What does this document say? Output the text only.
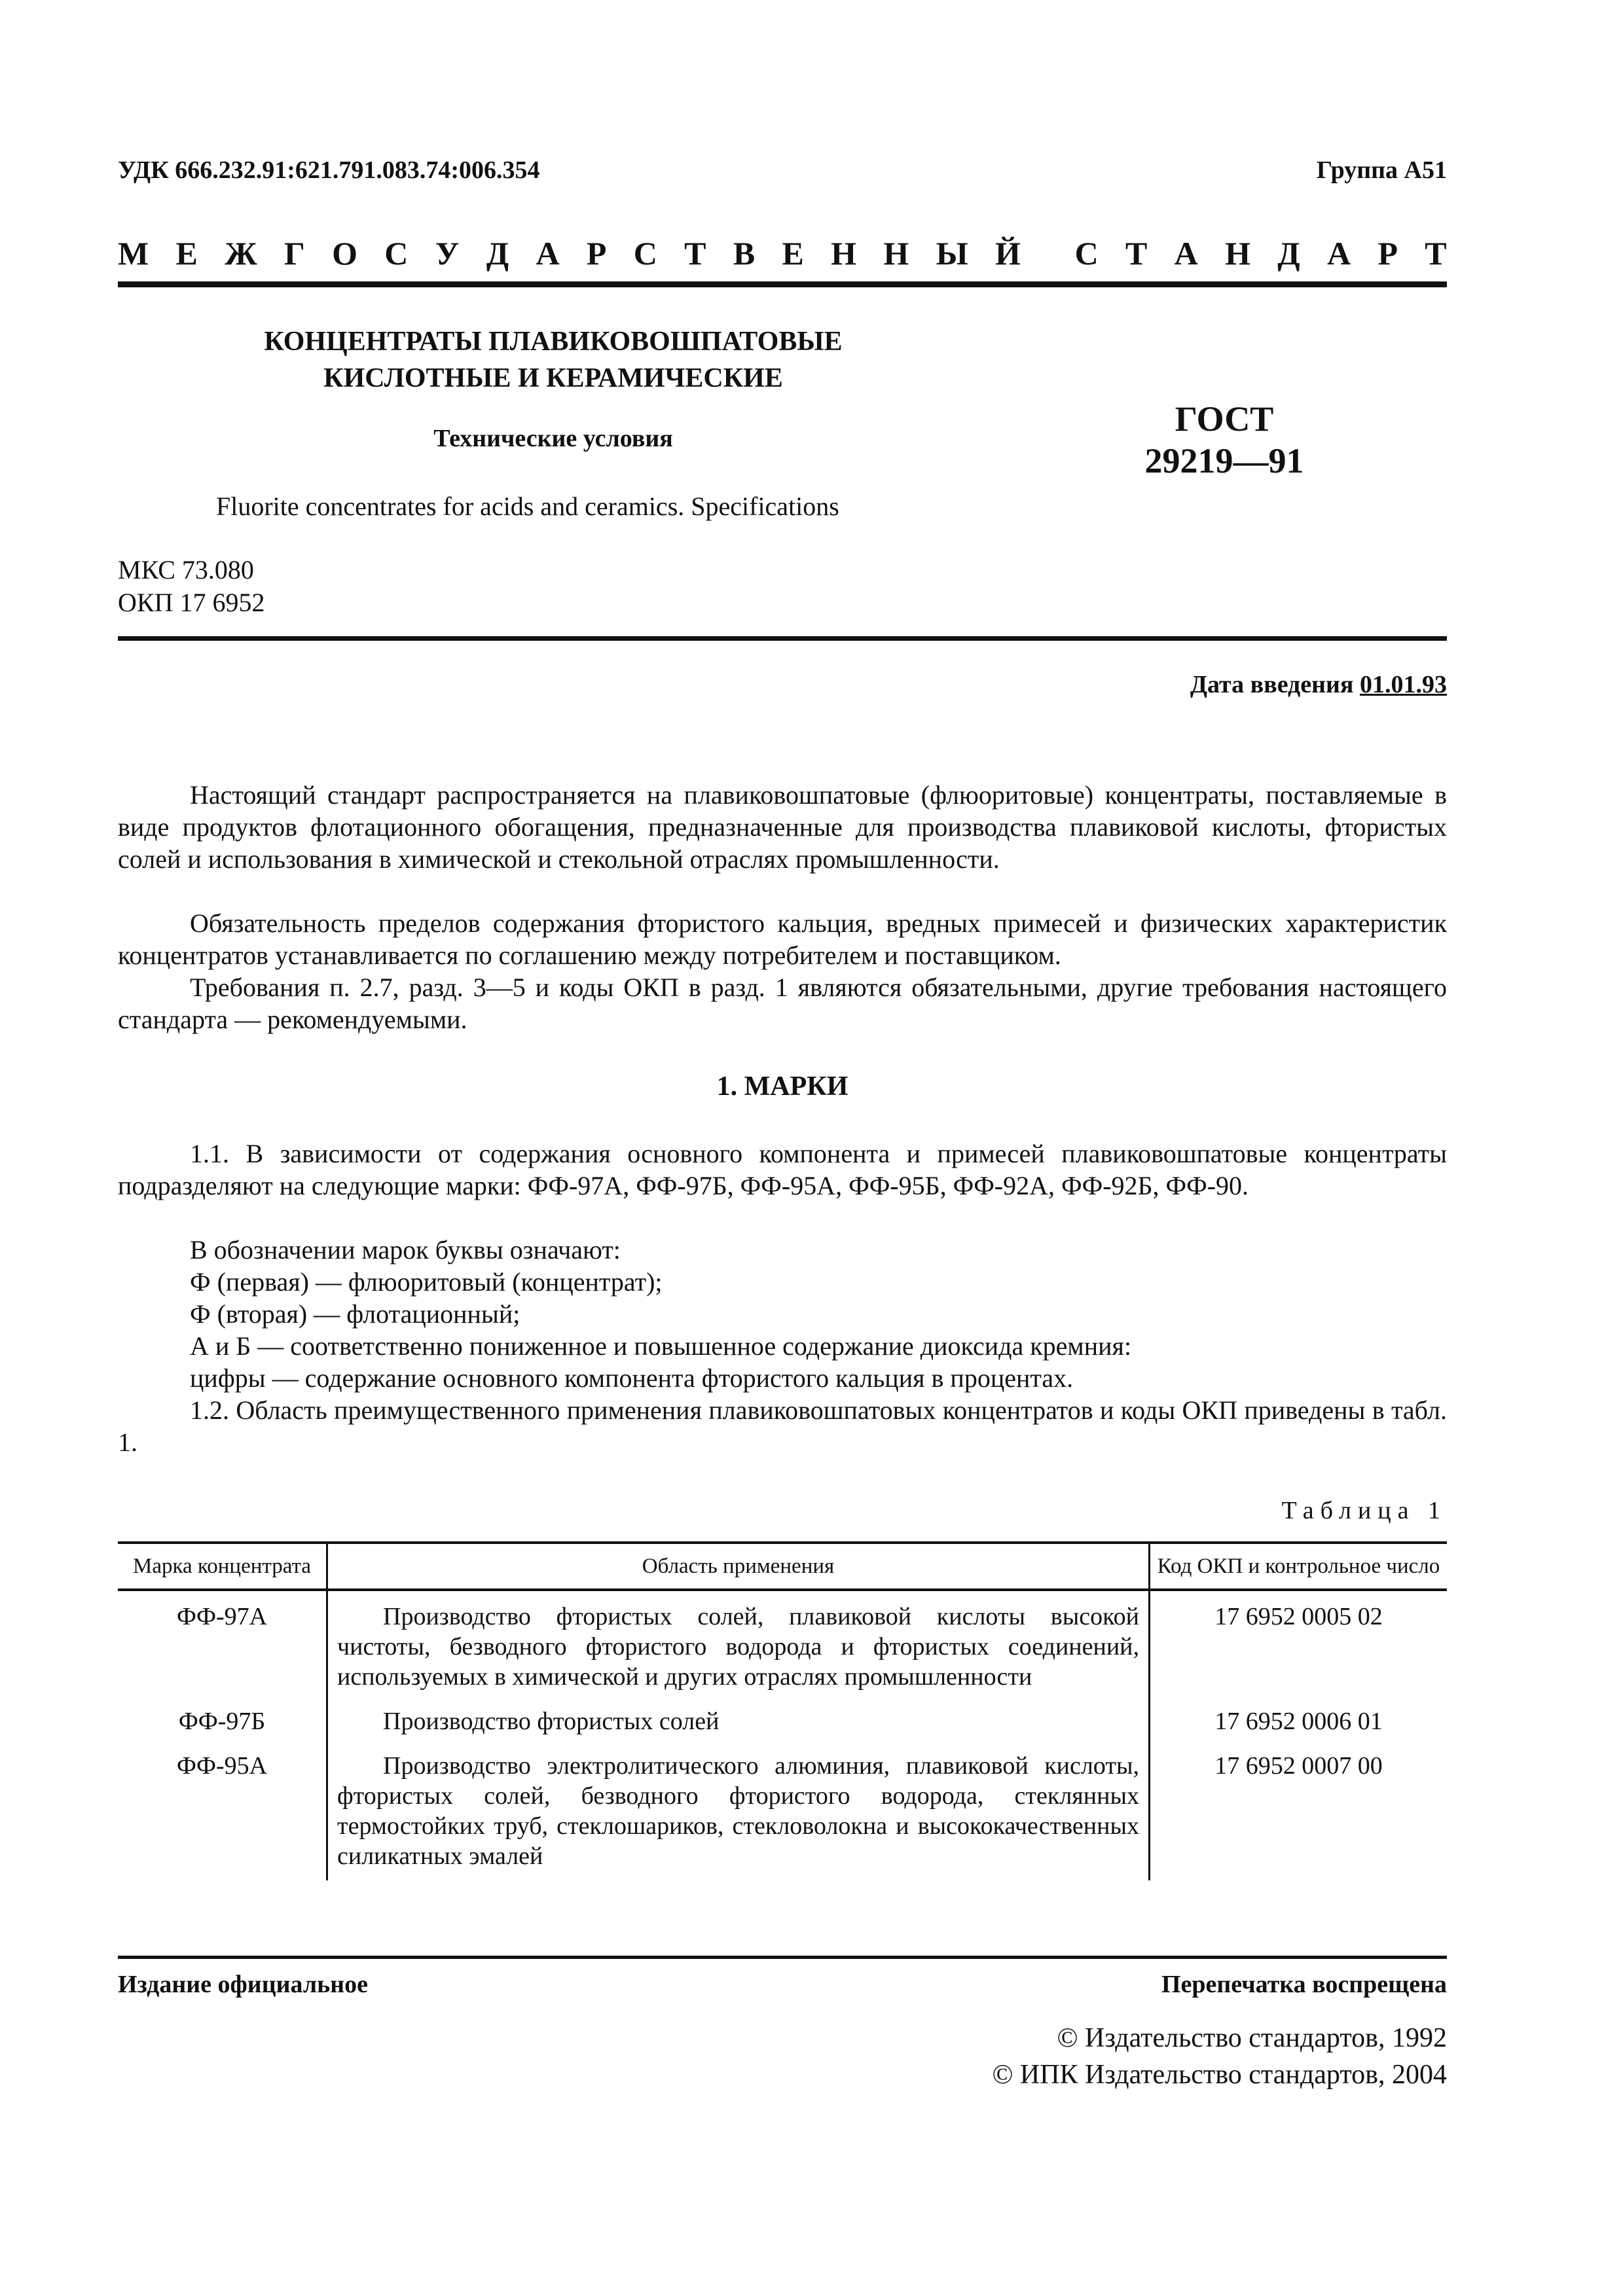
УДК 666.232.91:621.791.083.74:006.354	Группа А51
М Е Ж Г О С У Д А Р С Т В Е Н Н Ы Й С Т А Н Д А Р Т
КОНЦЕНТРАТЫ ПЛАВИКОВОШПАТОВЫЕ
КИСЛОТНЫЕ И КЕРАМИЧЕСКИЕ
Технические условия	ГОСТ
29219—91
Fluorite concentrates for acids and ceramics. Specifications
МКС 73.080
ОКП 17 6952
Дата введения 01.01.93
Настоящий стандарт распространяется на плавиковошпатовые (флюоритовые) концентраты, поставляемые в виде продуктов флотационного обогащения, предназначенные для производства плавиковой кислоты, фтористых солей и использования в химической и стекольной отраслях промышленности.
Обязательность пределов содержания фтористого кальция, вредных примесей и физических характеристик концентратов устанавливается по соглашению между потребителем и поставщиком.
Требования п. 2.7, разд. 3—5 и коды ОКП в разд. 1 являются обязательными, другие требования настоящего стандарта — рекомендуемыми.
1. МАРКИ
1.1. В зависимости от содержания основного компонента и примесей плавиковошпатовые концентраты подразделяют на следующие марки: ФФ-97А, ФФ-97Б, ФФ-95А, ФФ-95Б, ФФ-92А, ФФ-92Б, ФФ-90.
В обозначении марок буквы означают:
Ф (первая) — флюоритовый (концентрат);
Ф (вторая) — флотационный;
А и Б — соответственно пониженное и повышенное содержание диоксида кремния:
цифры — содержание основного компонента фтористого кальция в процентах.
1.2. Область преимущественного применения плавиковошпатовых концентратов и коды ОКП приведены в табл. 1.
Таблица 1
Марка концентрата	Область применения	Код ОКП и контрольное число
ФФ-97А	Производство фтористых солей, плавиковой кислоты высокой чистоты, безводного фтористого водорода и фтористых соединений, используемых в химической и других отраслях промышленности	17 6952 0005 02
ФФ-97Б	Производство фтористых солей	17 6952 0006 01
ФФ-95А	Производство электролитического алюминия, плавиковой кислоты, фтористых солей, безводного фтористого водорода, стеклянных термостойких труб, стеклошариков, стекловолокна и высококачественных силикатных эмалей	17 6952 0007 00
Издание официальное	Перепечатка воспрещена
© Издательство стандартов, 1992
© ИПК Издательство стандартов, 2004
